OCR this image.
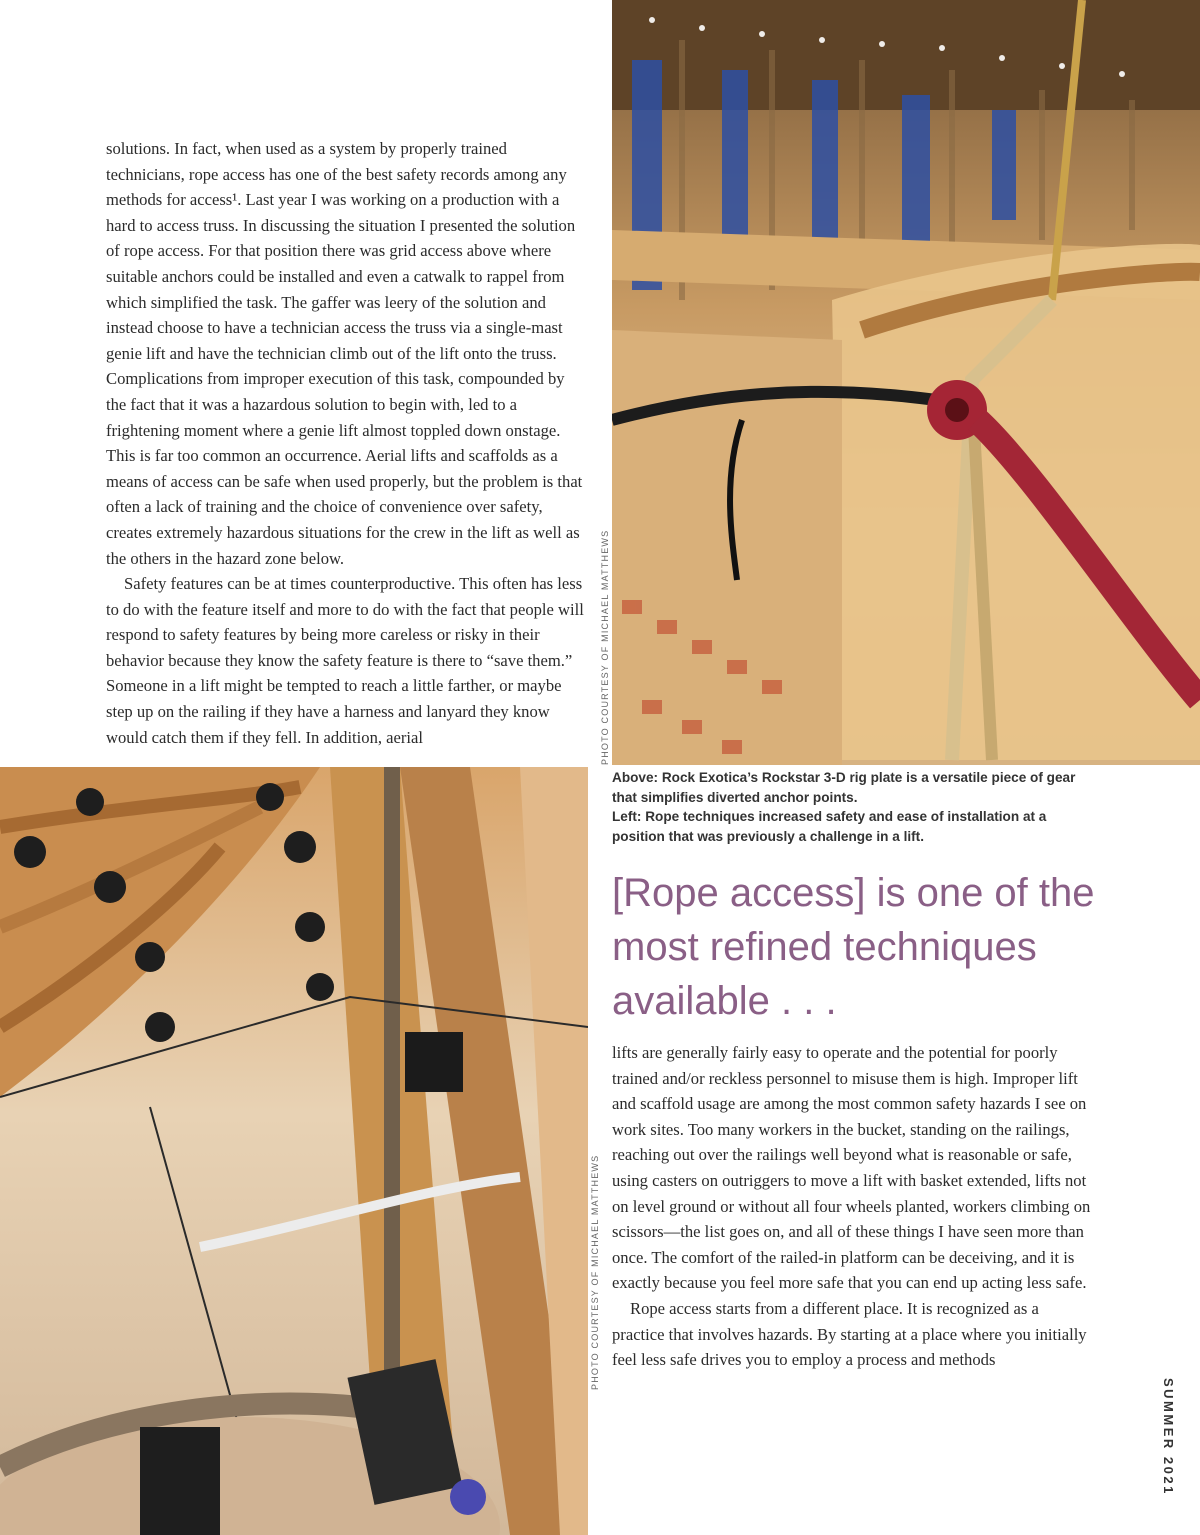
solutions. In fact, when used as a system by properly trained technicians, rope access has one of the best safety records among any methods for access¹. Last year I was working on a production with a hard to access truss. In discussing the situation I presented the solution of rope access. For that position there was grid access above where suitable anchors could be installed and even a catwalk to rappel from which simplified the task. The gaffer was leery of the solution and instead choose to have a technician access the truss via a single-mast genie lift and have the technician climb out of the lift onto the truss. Complications from improper execution of this task, compounded by the fact that it was a hazardous solution to begin with, led to a frightening moment where a genie lift almost toppled down onstage. This is far too common an occurrence. Aerial lifts and scaffolds as a means of access can be safe when used properly, but the problem is that often a lack of training and the choice of convenience over safety, creates extremely hazardous situations for the crew in the lift as well as the others in the hazard zone below.

Safety features can be at times counterproductive. This often has less to do with the feature itself and more to do with the fact that people will respond to safety features by being more careless or risky in their behavior because they know the safety feature is there to “save them.” Someone in a lift might be tempted to reach a little farther, or maybe step up on the railing if they have a harness and lanyard they know would catch them if they fell. In addition, aerial	PHOTO COURTESY OF MICHAEL MATTHEWS
Above: Rock Exotica’s Rockstar 3-D rig plate is a versatile piece of gear that simplifies diverted anchor points.
Left: Rope techniques increased safety and ease of installation at a position that was previously a challenge in a lift.
[Rope access] is one of the most refined techniques available . . .
PHOTO COURTESY OF MICHAEL MATTHEWS

lifts are generally fairly easy to operate and the potential for poorly trained and/or reckless personnel to misuse them is high. Improper lift and scaffold usage are among the most common safety hazards I see on work sites. Too many workers in the bucket, standing on the railings, reaching out over the railings well beyond what is reasonable or safe, using casters on outriggers to move a lift with basket extended, lifts not on level ground or without all four wheels planted, workers climbing on scissors—the list goes on, and all of these things I have seen more than once. The comfort of the railed-in platform can be deceiving, and it is exactly because you feel more safe that you can end up acting less safe.

Rope access starts from a different place. It is recognized as a practice that involves hazards. By starting at a place where you initially feel less safe drives you to employ a process and methods

SUMMER 2021
